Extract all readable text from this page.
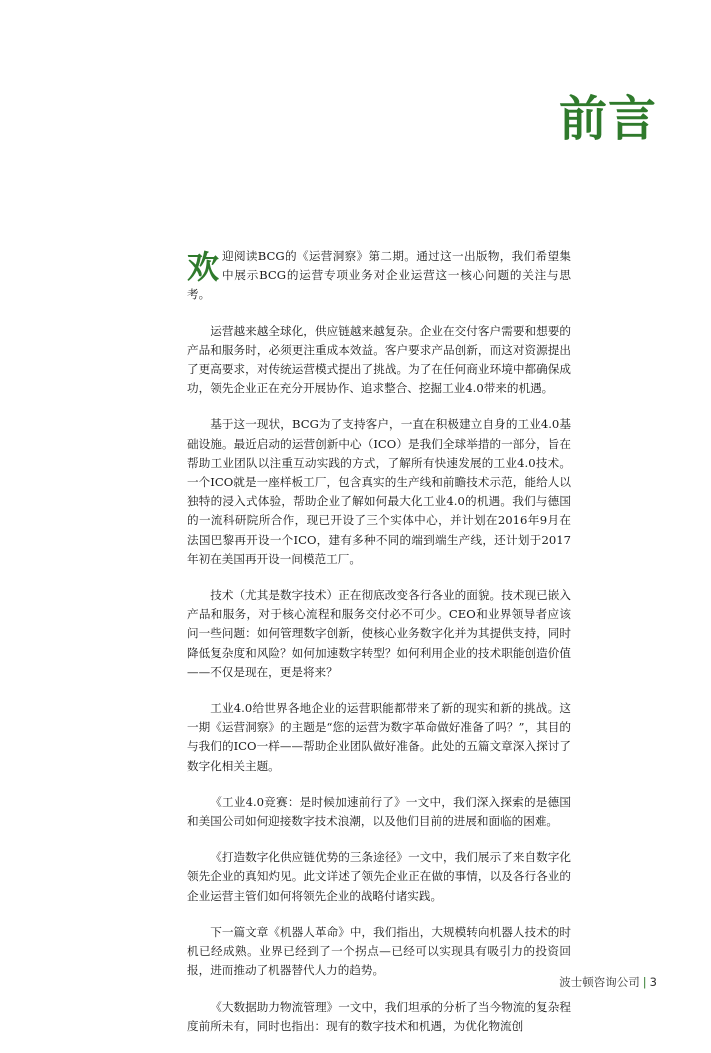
前言

欢迎阅读BCG的《运营洞察》第二期。通过这一出版物，我们希望集中展示BCG的运营专项业务对企业运营这一核心问题的关注与思考。

运营越来越全球化，供应链越来越复杂。企业在交付客户需要和想要的产品和服务时，必须更注重成本效益。客户要求产品创新，而这对资源提出了更高要求，对传统运营模式提出了挑战。为了在任何商业环境中都确保成功，领先企业正在充分开展协作、追求整合、挖掘工业4.0带来的机遇。

基于这一现状，BCG为了支持客户，一直在积极建立自身的工业4.0基础设施。最近启动的运营创新中心（ICO）是我们全球举措的一部分，旨在帮助工业团队以注重互动实践的方式，了解所有快速发展的工业4.0技术。一个ICO就是一座样板工厂，包含真实的生产线和前瞻技术示范，能给人以独特的浸入式体验，帮助企业了解如何最大化工业4.0的机遇。我们与德国的一流科研院所合作，现已开设了三个实体中心，并计划在2016年9月在法国巴黎再开设一个ICO，建有多种不同的端到端生产线，还计划于2017年初在美国再开设一间模范工厂。

技术（尤其是数字技术）正在彻底改变各行各业的面貌。技术现已嵌入产品和服务，对于核心流程和服务交付必不可少。CEO和业界领导者应该问一些问题：如何管理数字创新，使核心业务数字化并为其提供支持，同时降低复杂度和风险？如何加速数字转型？如何利用企业的技术职能创造价值——不仅是现在，更是将来？

工业4.0给世界各地企业的运营职能都带来了新的现实和新的挑战。这一期《运营洞察》的主题是“您的运营为数字革命做好准备了吗？”，其目的与我们的ICO一样——帮助企业团队做好准备。此处的五篇文章深入探讨了数字化相关主题。

《工业4.0竞赛：是时候加速前行了》一文中，我们深入探索的是德国和美国公司如何迎接数字技术浪潮，以及他们目前的进展和面临的困难。

《打造数字化供应链优势的三条途径》一文中，我们展示了来自数字化领先企业的真知灼见。此文详述了领先企业正在做的事情，以及各行各业的企业运营主管们如何将领先企业的战略付诸实践。

下一篇文章《机器人革命》中，我们指出，大规模转向机器人技术的时机已经成熟。业界已经到了一个拐点—已经可以实现具有吸引力的投资回报，进而推动了机器替代人力的趋势。

《大数据助力物流管理》一文中，我们坦承的分析了当今物流的复杂程度前所未有，同时也指出：现有的数字技术和机遇，为优化物流创

波士顿咨询公司 | 3
